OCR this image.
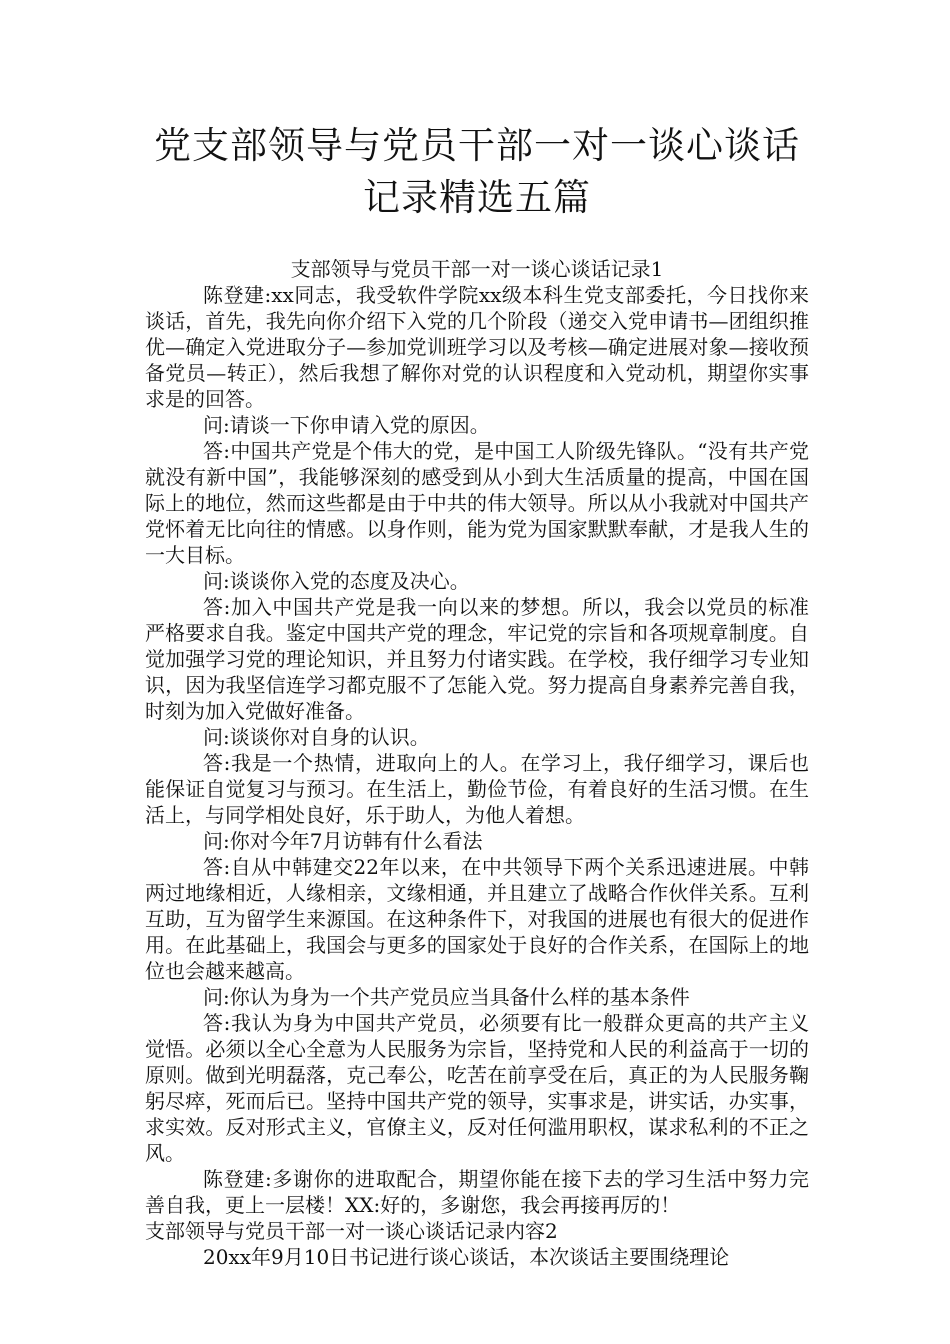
党支部领导与党员干部一对一谈心谈话记录精选五篇

支部领导与党员干部一对一谈心谈话记录1

陈登建:xx同志，我受软件学院xx级本科生党支部委托，今日找你来谈话，首先，我先向你介绍下入党的几个阶段（递交入党申请书—团组织推优—确定入党进取分子—参加党训班学习以及考核—确定进展对象—接收预备党员—转正），然后我想了解你对党的认识程度和入党动机，期望你实事求是的回答。

问:请谈一下你申请入党的原因。

答:中国共产党是个伟大的党，是中国工人阶级先锋队。“没有共产党就没有新中国”，我能够深刻的感受到从小到大生活质量的提高，中国在国际上的地位，然而这些都是由于中共的伟大领导。所以从小我就对中国共产党怀着无比向往的情感。以身作则，能为党为国家默默奉献，才是我人生的一大目标。

问:谈谈你入党的态度及决心。

答:加入中国共产党是我一向以来的梦想。所以，我会以党员的标准严格要求自我。鉴定中国共产党的理念，牢记党的宗旨和各项规章制度。自觉加强学习党的理论知识，并且努力付诸实践。在学校，我仔细学习专业知识，因为我坚信连学习都克服不了怎能入党。努力提高自身素养完善自我，时刻为加入党做好准备。

问:谈谈你对自身的认识。

答:我是一个热情，进取向上的人。在学习上，我仔细学习，课后也能保证自觉复习与预习。在生活上，勤俭节俭，有着良好的生活习惯。在生活上，与同学相处良好，乐于助人，为他人着想。

问:你对今年7月访韩有什么看法

答:自从中韩建交22年以来，在中共领导下两个关系迅速进展。中韩两过地缘相近，人缘相亲，文缘相通，并且建立了战略合作伙伴关系。互利互助，互为留学生来源国。在这种条件下，对我国的进展也有很大的促进作用。在此基础上，我国会与更多的国家处于良好的合作关系，在国际上的地位也会越来越高。

问:你认为身为一个共产党员应当具备什么样的基本条件

答:我认为身为中国共产党员，必须要有比一般群众更高的共产主义觉悟。必须以全心全意为人民服务为宗旨，坚持党和人民的利益高于一切的原则。做到光明磊落，克己奉公，吃苦在前享受在后，真正的为人民服务鞠躬尽瘁，死而后已。坚持中国共产党的领导，实事求是，讲实话，办实事，求实效。反对形式主义，官僚主义，反对任何滥用职权，谋求私利的不正之风。

陈登建:多谢你的进取配合，期望你能在接下去的学习生活中努力完善自我，更上一层楼！XX:好的，多谢您，我会再接再厉的！

支部领导与党员干部一对一谈心谈话记录内容2

20xx年9月10日书记进行谈心谈话，本次谈话主要围绕理论
